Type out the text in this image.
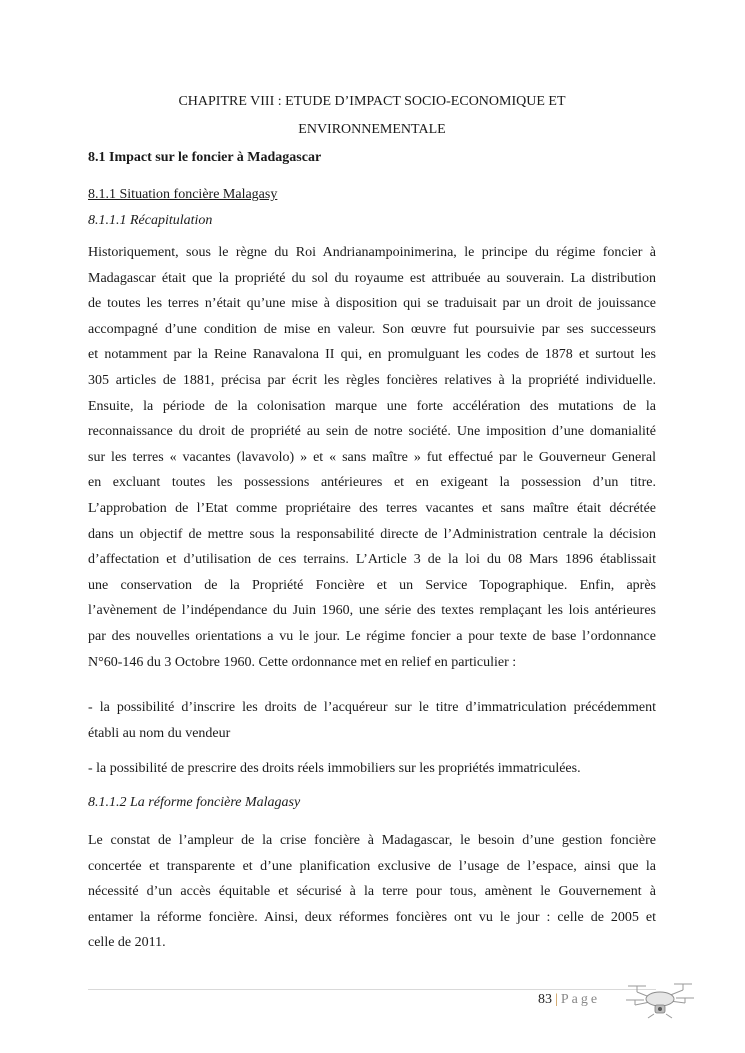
CHAPITRE VIII : ETUDE D’IMPACT SOCIO-ECONOMIQUE ET
ENVIRONNEMENTALE
8.1 Impact sur le foncier à Madagascar
8.1.1 Situation foncière Malagasy
8.1.1.1 Récapitulation
Historiquement, sous le règne du Roi Andrianampoinimerina, le principe du régime foncier à
Madagascar était que la propriété du sol du royaume est attribuée au souverain. La distribution
de toutes les terres n’était qu’une mise à disposition qui se traduisait par un droit de jouissance
accompagné d’une condition de mise en valeur. Son œuvre fut poursuivie par ses successeurs
et notamment par la Reine Ranavalona II qui, en promulguant les codes de 1878 et surtout les
305 articles de 1881, précisa par écrit les règles foncières relatives à la propriété individuelle.
Ensuite, la période de la colonisation marque une forte accélération des mutations de la
reconnaissance du droit de propriété au sein de notre société. Une imposition d’une domanialité
sur les terres « vacantes (lavavolo) » et « sans maître » fut effectué par le Gouverneur General
en excluant toutes les possessions antérieures et en exigeant la possession d’un titre.
L’approbation de l’Etat comme propriétaire des terres vacantes et sans maître était décrétée
dans un objectif de mettre sous la responsabilité directe de l’Administration centrale la décision
d’affectation et d’utilisation de ces terrains. L’Article 3 de la loi du 08 Mars 1896 établissait
une conservation de la Propriété Foncière et un Service Topographique. Enfin, après
l’avènement de l’indépendance du Juin 1960, une série des textes remplaçant les lois antérieures
par des nouvelles orientations a vu le jour. Le régime foncier a pour texte de base l’ordonnance
N°60-146 du 3 Octobre 1960. Cette ordonnance met en relief en particulier :
- la possibilité d’inscrire les droits de l’acquéreur sur le titre d’immatriculation précédemment
établi au nom du vendeur
- la possibilité de prescrire des droits réels immobiliers sur les propriétés immatriculées.
8.1.1.2 La réforme foncière Malagasy
Le constat de l’ampleur de la crise foncière à Madagascar, le besoin d’une gestion foncière
concertée et transparente et d’une planification exclusive de l’usage de l’espace, ainsi que la
nécessité d’un accès équitable et sécurisé à la terre pour tous, amènent le Gouvernement à
entamer la réforme foncière. Ainsi, deux réformes foncières ont vu le jour : celle de 2005 et
celle de 2011.
83 | Page
